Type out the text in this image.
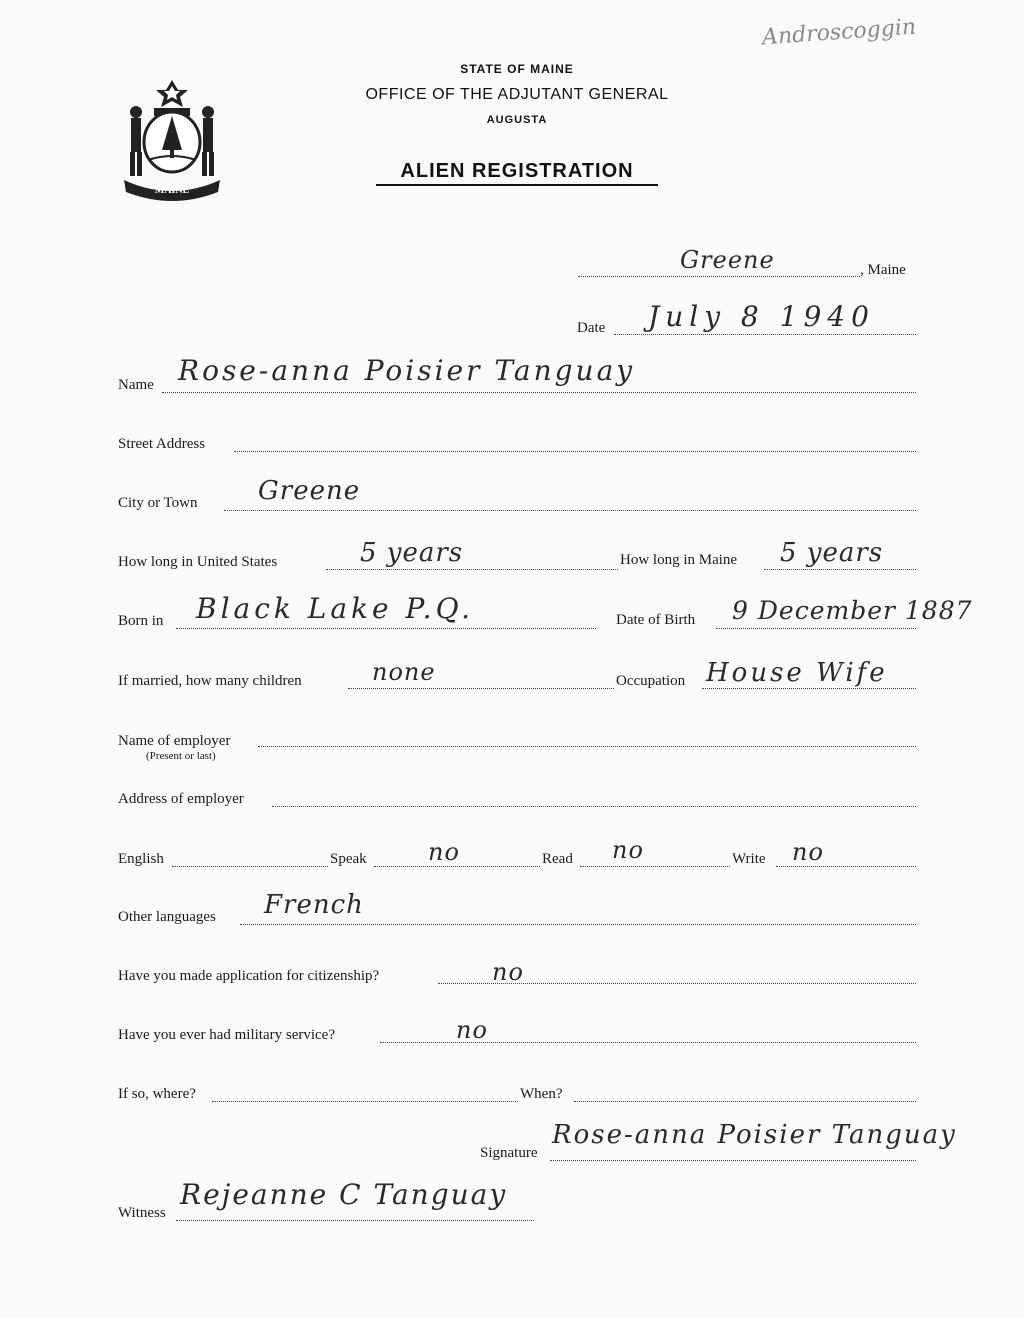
Androscoggin
MAINE
STATE OF MAINE
OFFICE OF THE ADJUTANT GENERAL
AUGUSTA
ALIEN REGISTRATION
Greene	, Maine
Date July 8 1940
Name Rose-anna Poisier Tanguay
Street Address
City or Town Greene
How long in United States	5 years	How long in Maine 5 years
Born in Black Lake P.Q.	Date of Birth 9 December 1887
If married, how many children	none	Occupation House Wife
Name of employer
(Present or last)
Address of employer
English	Speak	no	Read no	Write no
Other languages French
Have you made application for citizenship?	no
Have you ever had military service?	no
If so, where?	When?
Signature
Rose-anna Poisier Tanguay
Witness
Rejeanne C Tanguay
